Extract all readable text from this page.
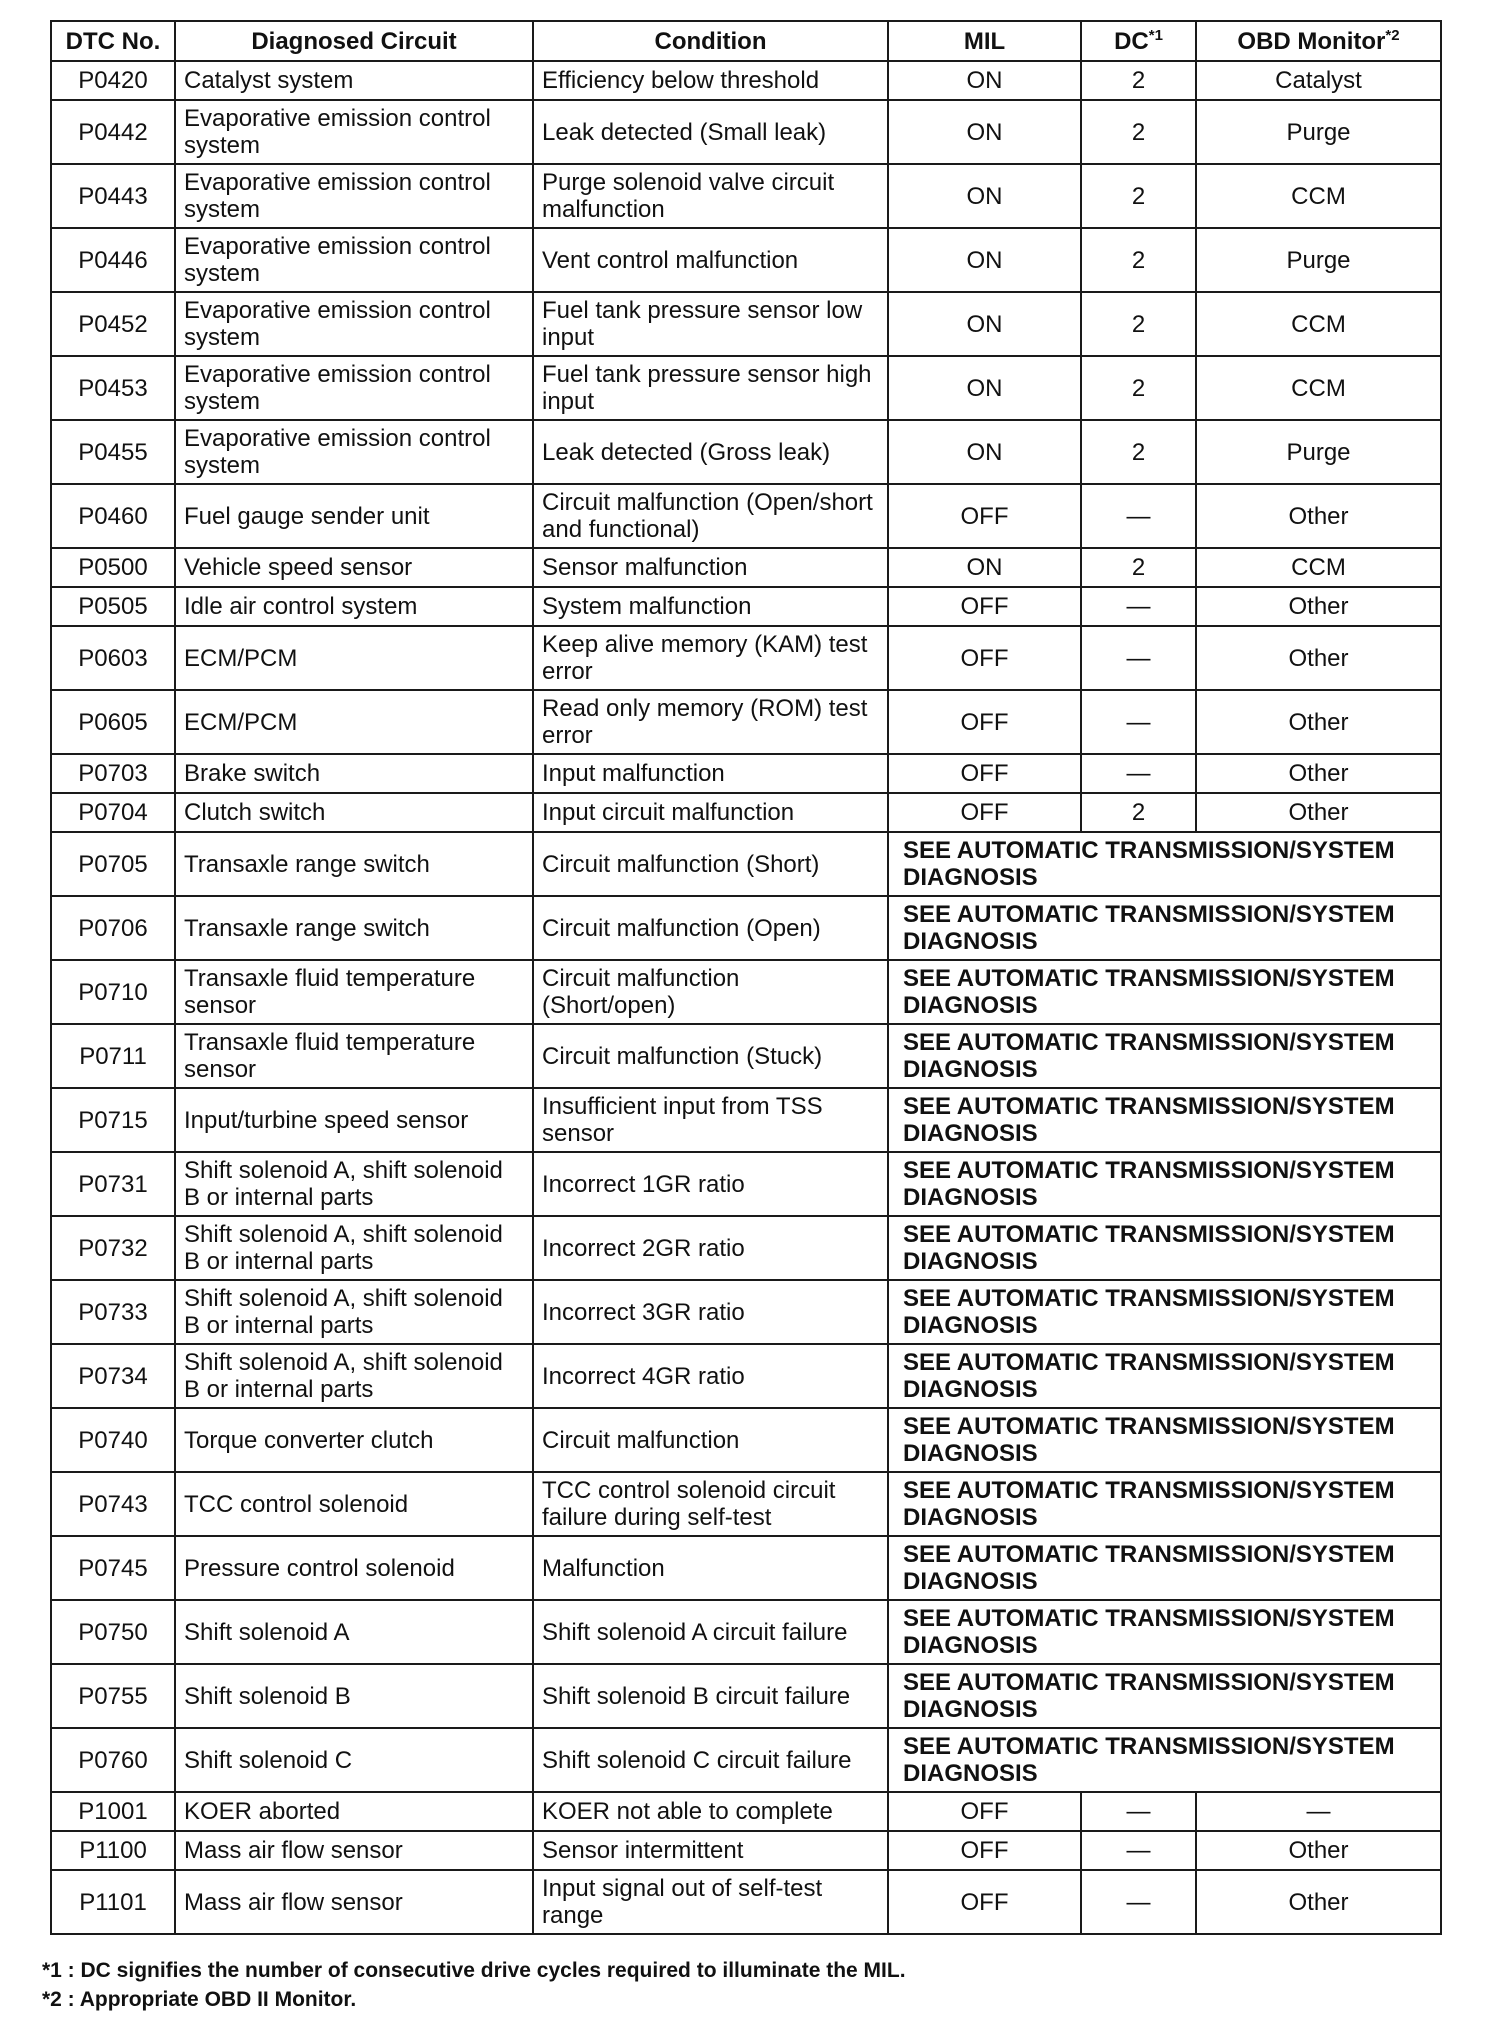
DTC No.	Diagnosed Circuit	Condition	MIL	DC$^{*1}$	OBD Monitor$^{*2}$
P0420	Catalyst system	Efficiency below threshold	ON	2	Catalyst
P0442	Evaporative emission control system	Leak detected (Small leak)	ON	2	Purge
P0443	Evaporative emission control system	Purge solenoid valve circuit malfunction	ON	2	CCM
P0446	Evaporative emission control system	Vent control malfunction	ON	2	Purge
P0452	Evaporative emission control system	Fuel tank pressure sensor low input	ON	2	CCM
P0453	Evaporative emission control system	Fuel tank pressure sensor high input	ON	2	CCM
P0455	Evaporative emission control system	Leak detected (Gross leak)	ON	2	Purge
P0460	Fuel gauge sender unit	Circuit malfunction (Open/short and functional)	OFF	—	Other
P0500	Vehicle speed sensor	Sensor malfunction	ON	2	CCM
P0505	Idle air control system	System malfunction	OFF	—	Other
P0603	ECM/PCM	Keep alive memory (KAM) test error	OFF	—	Other
P0605	ECM/PCM	Read only memory (ROM) test error	OFF	—	Other
P0703	Brake switch	Input malfunction	OFF	—	Other
P0704	Clutch switch	Input circuit malfunction	OFF	2	Other
P0705	Transaxle range switch	Circuit malfunction (Short)	SEE AUTOMATIC TRANSMISSION/SYSTEM DIAGNOSIS		
P0706	Transaxle range switch	Circuit malfunction (Open)	SEE AUTOMATIC TRANSMISSION/SYSTEM DIAGNOSIS		
P0710	Transaxle fluid temperature sensor	Circuit malfunction (Short/open)	SEE AUTOMATIC TRANSMISSION/SYSTEM DIAGNOSIS		
P0711	Transaxle fluid temperature sensor	Circuit malfunction (Stuck)	SEE AUTOMATIC TRANSMISSION/SYSTEM DIAGNOSIS		
P0715	Input/turbine speed sensor	Insufficient input from TSS sensor	SEE AUTOMATIC TRANSMISSION/SYSTEM DIAGNOSIS		
P0731	Shift solenoid A, shift solenoid B or internal parts	Incorrect 1GR ratio	SEE AUTOMATIC TRANSMISSION/SYSTEM DIAGNOSIS		
P0732	Shift solenoid A, shift solenoid B or internal parts	Incorrect 2GR ratio	SEE AUTOMATIC TRANSMISSION/SYSTEM DIAGNOSIS		
P0733	Shift solenoid A, shift solenoid B or internal parts	Incorrect 3GR ratio	SEE AUTOMATIC TRANSMISSION/SYSTEM DIAGNOSIS		
P0734	Shift solenoid A, shift solenoid B or internal parts	Incorrect 4GR ratio	SEE AUTOMATIC TRANSMISSION/SYSTEM DIAGNOSIS		
P0740	Torque converter clutch	Circuit malfunction	SEE AUTOMATIC TRANSMISSION/SYSTEM DIAGNOSIS		
P0743	TCC control solenoid	TCC control solenoid circuit failure during self-test	SEE AUTOMATIC TRANSMISSION/SYSTEM DIAGNOSIS		
P0745	Pressure control solenoid	Malfunction	SEE AUTOMATIC TRANSMISSION/SYSTEM DIAGNOSIS		
P0750	Shift solenoid A	Shift solenoid A circuit failure	SEE AUTOMATIC TRANSMISSION/SYSTEM DIAGNOSIS		
P0755	Shift solenoid B	Shift solenoid B circuit failure	SEE AUTOMATIC TRANSMISSION/SYSTEM DIAGNOSIS		
P0760	Shift solenoid C	Shift solenoid C circuit failure	SEE AUTOMATIC TRANSMISSION/SYSTEM DIAGNOSIS		
P1001	KOER aborted	KOER not able to complete	OFF	—	—
P1100	Mass air flow sensor	Sensor intermittent	OFF	—	Other
P1101	Mass air flow sensor	Input signal out of self-test range	OFF	—	Other
*1 : DC signifies the number of consecutive drive cycles required to illuminate the MIL.
*2 : Appropriate OBD II Monitor.
